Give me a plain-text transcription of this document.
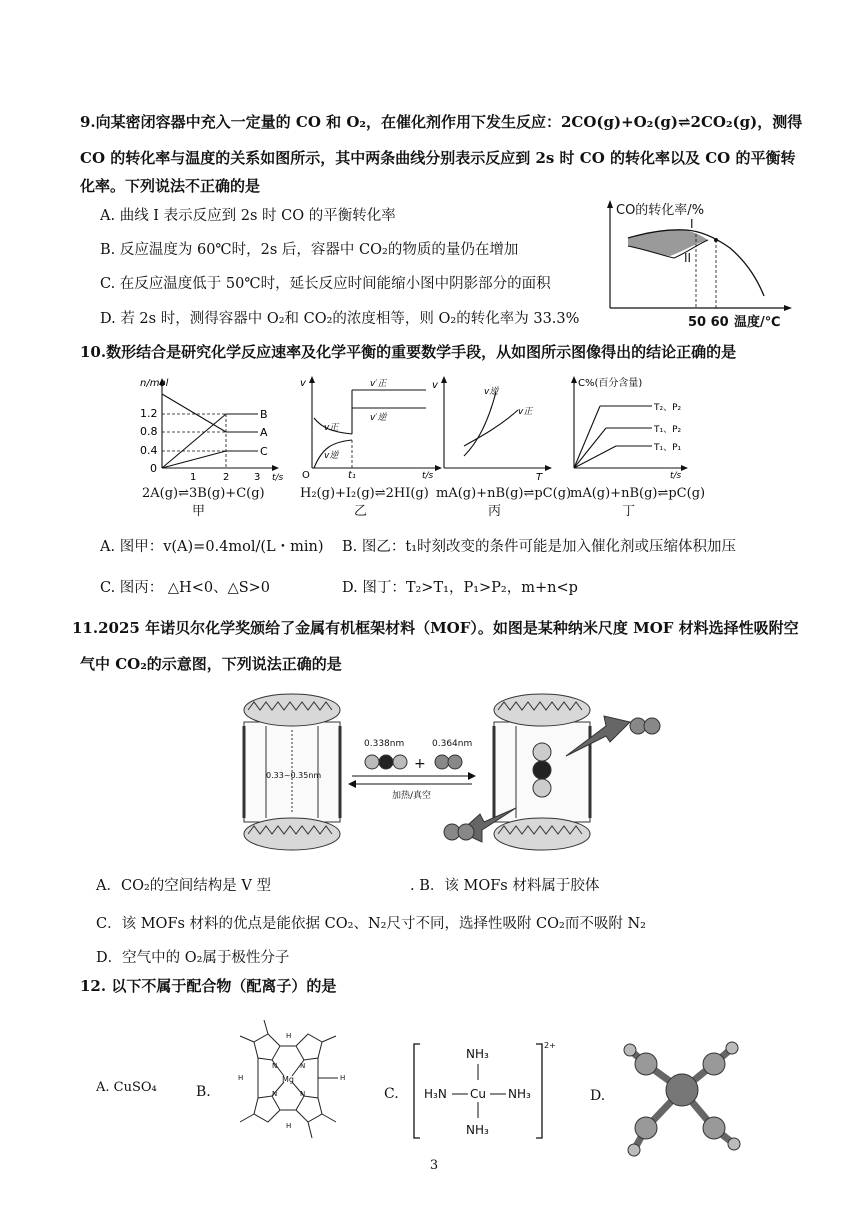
9.向某密闭容器中充入一定量的 CO 和 O₂，在催化剂作用下发生反应：2CO(g)+O₂(g)⇌2CO₂(g)，测得
CO 的转化率与温度的关系如图所示，其中两条曲线分别表示反应到 2s 时 CO 的转化率以及 CO 的平衡转
化率。下列说法不正确的是
A. 曲线 I 表示反应到 2s 时 CO 的平衡转化率
B. 反应温度为 60℃时，2s 后，容器中 CO₂的物质的量仍在增加
C. 在反应温度低于 50℃时，延长反应时间能缩小图中阴影部分的面积
D. 若 2s 时，测得容器中 O₂和 CO₂的浓度相等，则 O₂的转化率为 33.3%
CO的转化率/%
I
II
50 60 温度/℃
10.数形结合是研究化学反应速率及化学平衡的重要数学手段，从如图所示图像得出的结论正确的是
n/mol
1.2
0.8
0.4
0
B
A
C
1	2 3 t/s
2A(g)⇌3B(g)+C(g)
甲
v
O
v′正
v′逆
v正
v逆
t₁	t/s
H₂(g)+I₂(g)⇌2HI(g)
乙
v
v逆
v正
T
mA(g)+nB(g)⇌pC(g)
丙
C%(百分含量)
T₂、P₂
T₁、P₂
T₁、P₁
t/s
mA(g)+nB(g)⇌pC(g)
丁
A. 图甲：v(A)=0.4mol/(L・min) B. 图乙：t₁时刻改变的条件可能是加入催化剂或压缩体积加压
C. 图丙： △H<0、△S>0	D. 图丁：T₂>T₁，P₁>P₂，m+n<p
11.2025 年诺贝尔化学奖颁给了金属有机框架材料（MOF）。如图是某种纳米尺度 MOF 材料选择性吸附空
气中 CO₂的示意图，下列说法正确的是
0.33~0.35nm
0.338nm
+
0.364nm
加热/真空
A．CO₂的空间结构是 V 型	. B．该 MOFs 材料属于胶体
C．该 MOFs 材料的优点是能依据 CO₂、N₂尺寸不同，选择性吸附 CO₂而不吸附 N₂
D．空气中的 O₂属于极性分子
12. 以下不属于配合物（配离子）的是
A. CuSO₄	B.
Mg
N	N
N	N
H
H	H
H
C.
2+
NH₃
H₃N Cu NH₃
NH₃
D.
3
